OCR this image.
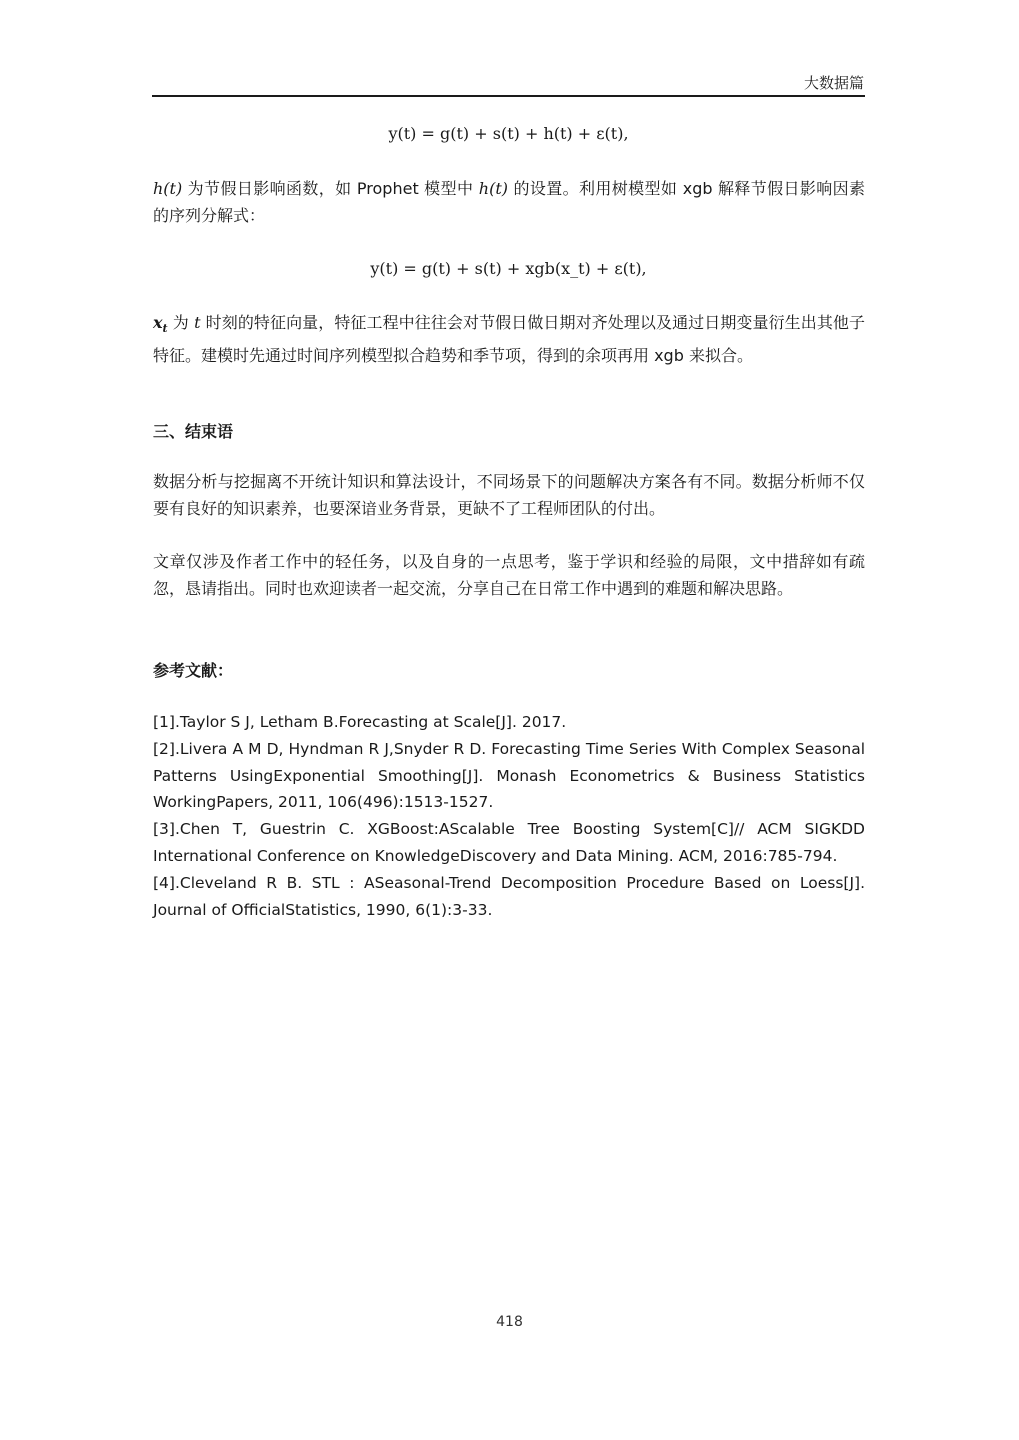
大数据篇
y(t) = g(t) + s(t) + h(t) + ε(t),
h(t) 为节假日影响函数，如 Prophet 模型中 h(t) 的设置。利用树模型如 xgb 解释节假日影响因素的序列分解式：
y(t) = g(t) + s(t) + xgb(x_t) + ε(t),
$x_t$ 为 t 时刻的特征向量，特征工程中往往会对节假日做日期对齐处理以及通过日期变量衍生出其他子特征。建模时先通过时间序列模型拟合趋势和季节项，得到的余项再用 xgb 来拟合。
三、结束语
数据分析与挖掘离不开统计知识和算法设计，不同场景下的问题解决方案各有不同。数据分析师不仅要有良好的知识素养，也要深谙业务背景，更缺不了工程师团队的付出。
文章仅涉及作者工作中的轻任务，以及自身的一点思考，鉴于学识和经验的局限，文中措辞如有疏忽，恳请指出。同时也欢迎读者一起交流，分享自己在日常工作中遇到的难题和解决思路。
参考文献：
[1].Taylor S J, Letham B.Forecasting at Scale[J]. 2017.
[2].Livera A M D, Hyndman R J,Snyder R D. Forecasting Time Series With Complex Seasonal Patterns UsingExponential Smoothing[J]. Monash Econometrics & Business Statistics WorkingPapers, 2011, 106(496):1513-1527.
[3].Chen T, Guestrin C. XGBoost:AScalable Tree Boosting System[C]// ACM SIGKDD International Conference on KnowledgeDiscovery and Data Mining. ACM, 2016:785-794.
[4].Cleveland R B. STL : ASeasonal-Trend Decomposition Procedure Based on Loess[J]. Journal of OfficialStatistics, 1990, 6(1):3-33.
418
